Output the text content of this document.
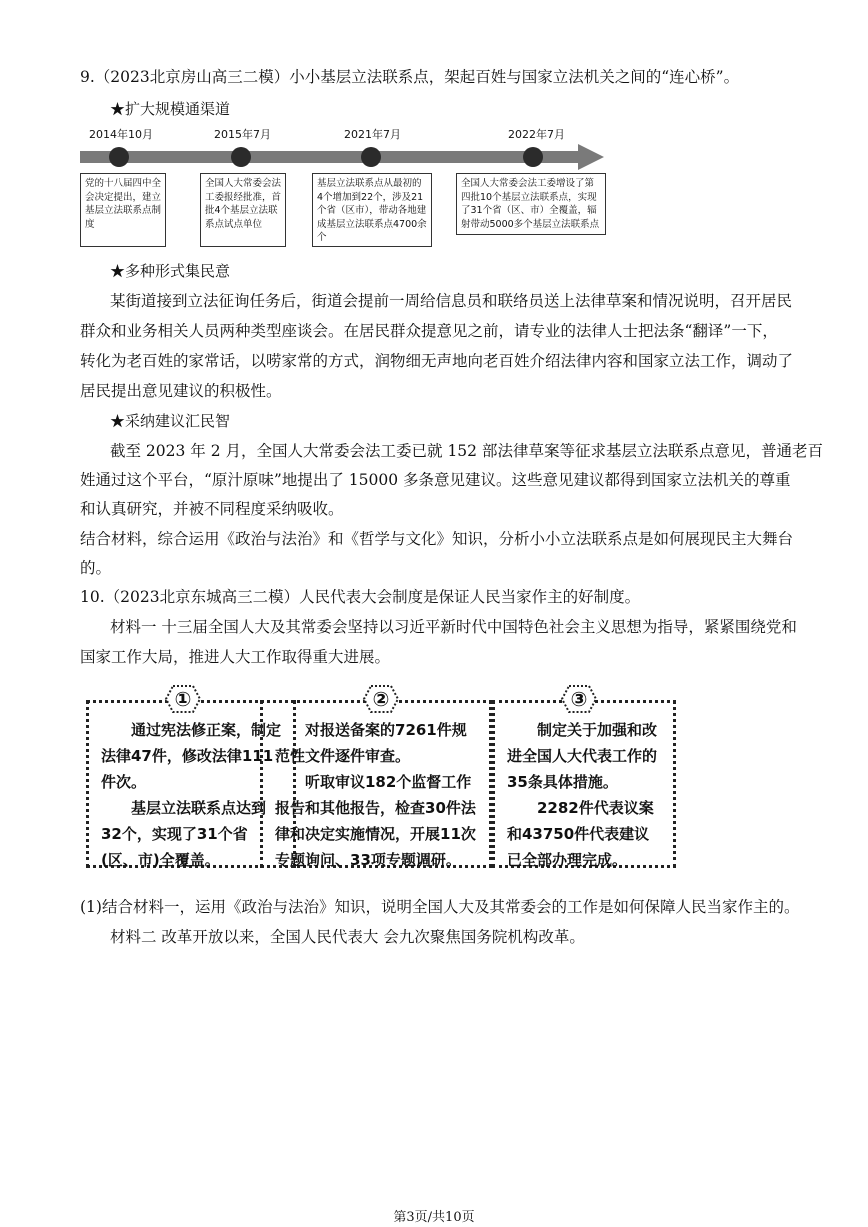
9.（2023北京房山高三二模）小小基层立法联系点，架起百姓与国家立法机关之间的“连心桥”。
★扩大规模通渠道
2014年10月	2015年7月	2021年7月	2022年7月
党的十八届四中全会决定提出，建立基层立法联系点制度
全国人大常委会法工委报经批准，首批4个基层立法联系点试点单位
基层立法联系点从最初的4个增加到22个，涉及21个省（区市），带动各地建成基层立法联系点4700余个
全国人大常委会法工委增设了第四批10个基层立法联系点，实现了31个省（区、市）全覆盖，辐射带动5000多个基层立法联系点
★多种形式集民意
某街道接到立法征询任务后，街道会提前一周给信息员和联络员送上法律草案和情况说明，召开居民
群众和业务相关人员两种类型座谈会。在居民群众提意见之前，请专业的法律人士把法条“翻译”一下，
转化为老百姓的家常话，以唠家常的方式，润物细无声地向老百姓介绍法律内容和国家立法工作，调动了
居民提出意见建议的积极性。
★采纳建议汇民智
截至 2023 年 2 月，全国人大常委会法工委已就 152 部法律草案等征求基层立法联系点意见，普通老百
姓通过这个平台，“原汁原味”地提出了 15000 多条意见建议。这些意见建议都得到国家立法机关的尊重
和认真研究，并被不同程度采纳吸收。
结合材料，综合运用《政治与法治》和《哲学与文化》知识，分析小小立法联系点是如何展现民主大舞台
的。
10.（2023北京东城高三二模）人民代表大会制度是保证人民当家作主的好制度。
材料一 十三届全国人大及其常委会坚持以习近平新时代中国特色社会主义思想为指导，紧紧围绕党和
国家工作大局，推进人大工作取得重大进展。

通过宪法修正案，制定法律47件，修改法律111件次。

基层立法联系点达到32个，实现了31个省(区、市)全覆盖。

对报送备案的7261件规范性文件逐件审查。

听取审议182个监督工作报告和其他报告，检查30件法律和决定实施情况，开展11次专题询问、33项专题调研。

制定关于加强和改进全国人大代表工作的35条具体措施。

2282件代表议案和43750件代表建议已全部办理完成。

①	②	③
(1)结合材料一，运用《政治与法治》知识，说明全国人大及其常委会的工作是如何保障人民当家作主的。
材料二 改革开放以来，全国人民代表大 会九次聚焦国务院机构改革。
第3页/共10页
